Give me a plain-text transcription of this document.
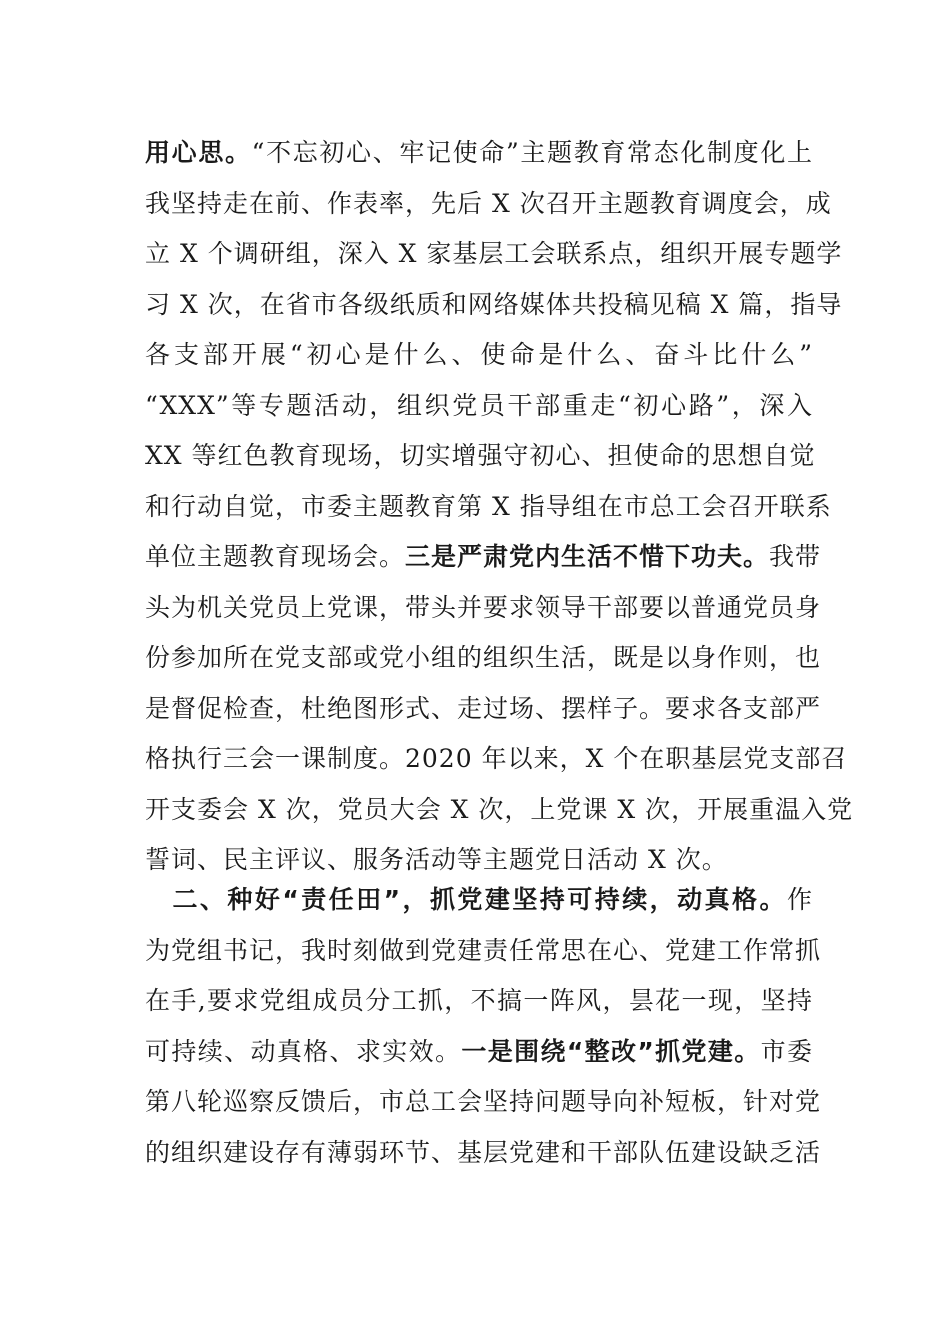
用心思。“不忘初心、牢记使命”主题教育常态化制度化上
我坚持走在前、作表率，先后 X 次召开主题教育调度会，成
立 X 个调研组，深入 X 家基层工会联系点，组织开展专题学
习 X 次，在省市各级纸质和网络媒体共投稿见稿 X 篇，指导
各支部开展“初心是什么、使命是什么、奋斗比什么”
“XXX”等专题活动，组织党员干部重走“初心路”，深入
XX 等红色教育现场，切实增强守初心、担使命的思想自觉
和行动自觉，市委主题教育第 X 指导组在市总工会召开联系
单位主题教育现场会。三是严肃党内生活不惜下功夫。我带
头为机关党员上党课，带头并要求领导干部要以普通党员身
份参加所在党支部或党小组的组织生活，既是以身作则，也
是督促检查，杜绝图形式、走过场、摆样子。要求各支部严
格执行三会一课制度。2020 年以来，X 个在职基层党支部召
开支委会 X 次，党员大会 X 次，上党课 X 次，开展重温入党
誓词、民主评议、服务活动等主题党日活动 X 次。
　二、种好“责任田”，抓党建坚持可持续，动真格。作
为党组书记，我时刻做到党建责任常思在心、党建工作常抓
在手,要求党组成员分工抓，不搞一阵风，昙花一现，坚持
可持续、动真格、求实效。一是围绕“整改”抓党建。市委
第八轮巡察反馈后，市总工会坚持问题导向补短板，针对党
的组织建设存有薄弱环节、基层党建和干部队伍建设缺乏活
